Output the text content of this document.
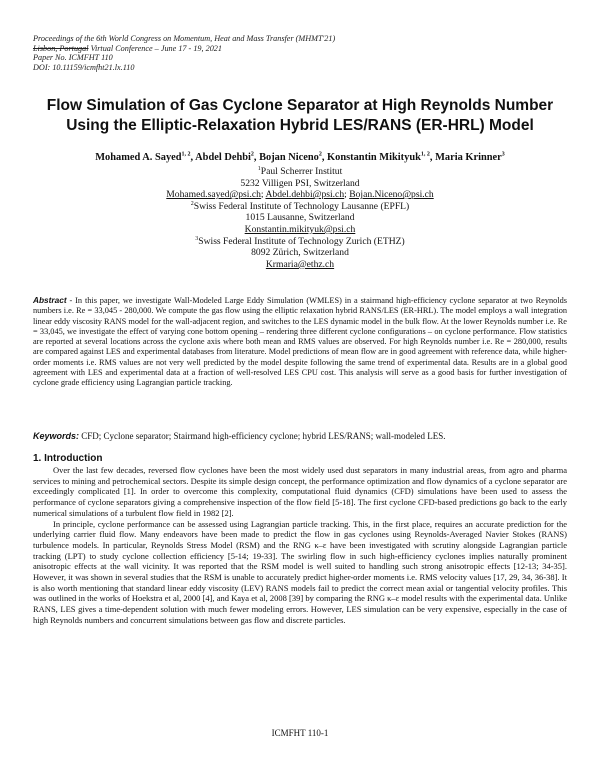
Proceedings of the 6th World Congress on Momentum, Heat and Mass Transfer (MHMT'21)
Lisbon, Portugal Virtual Conference – June 17 - 19, 2021
Paper No. ICMFHT 110
DOI: 10.11159/icmfht21.lx.110
Flow Simulation of Gas Cyclone Separator at High Reynolds Number
Using the Elliptic-Relaxation Hybrid LES/RANS (ER-HRL) Model
Mohamed A. Sayed$^{1, 2}$, Abdel Dehbi$^2$, Bojan Niceno$^2$, Konstantin Mikityuk$^{1, 2}$, Maria Krinner$^3$
$^1$Paul Scherrer Institut
5232 Villigen PSI, Switzerland
Mohamed.sayed@psi.ch; Abdel.dehbi@psi.ch; Bojan.Niceno@psi.ch
$^2$Swiss Federal Institute of Technology Lausanne (EPFL)
1015 Lausanne, Switzerland
Konstantin.mikityuk@psi.ch
$^3$Swiss Federal Institute of Technology Zurich (ETHZ)
8092 Zürich, Switzerland
Krmaria@ethz.ch
Abstract - In this paper, we investigate Wall-Modeled Large Eddy Simulation (WMLES) in a stairmand high-efficiency cyclone separator at two Reynolds numbers i.e. Re = 33,045 - 280,000. We compute the gas flow using the elliptic relaxation hybrid RANS/LES (ER-HRL). The model employs a wall integration linear eddy viscosity RANS model for the wall-adjacent region, and switches to the LES dynamic model in the bulk flow. At the lower Reynolds number i.e. Re = 33,045, we investigate the effect of varying cone bottom opening – rendering three different cyclone configurations – on cyclone performance. Flow statistics are reported at several locations across the cyclone axis where both mean and RMS values are observed. For high Reynolds number i.e. Re = 280,000, results are compared against LES and experimental databases from literature. Model predictions of mean flow are in good agreement with reference data, while higher-order moments i.e. RMS values are not very well predicted by the model despite following the same trend of experimental data. Results are in a global good agreement with LES and experimental data at a fraction of well-resolved LES CPU cost. This analysis will serve as a good basis for further investigation of cyclone grade efficiency using Lagrangian particle tracking.
Keywords: CFD; Cyclone separator; Stairmand high-efficiency cyclone; hybrid LES/RANS; wall-modeled LES.
1. Introduction

Over the last few decades, reversed flow cyclones have been the most widely used dust separators in many industrial areas, from agro and pharma services to mining and petrochemical sectors. Despite its simple design concept, the performance optimization and flow dynamics of a cyclone separator are exceedingly complicated [1]. In order to overcome this complexity, computational fluid dynamics (CFD) simulations have been used to assess the performance of cyclone separators giving a comprehensive inspection of the flow field [5-18]. The first cyclone CFD-based predictions go back to the early numerical simulations of a turbulent flow field in 1982 [2].

In principle, cyclone performance can be assessed using Lagrangian particle tracking. This, in the first place, requires an accurate prediction for the underlying carrier fluid flow. Many endeavors have been made to predict the flow in gas cyclones using Reynolds-Averaged Navier Stokes (RANS) turbulence models. In particular, Reynolds Stress Model (RSM) and the RNG κ–ε have been investigated with scrutiny alongside Lagrangian particle tracking (LPT) to study cyclone collection efficiency [5-14; 19-33]. The swirling flow in such high-efficiency cyclones implies naturally prominent anisotropic effects at the wall vicinity. It was reported that the RSM model is well suited to handling such strong anisotropic effects [12-13; 34-35]. However, it was shown in several studies that the RSM is unable to accurately predict higher-order moments i.e. RMS velocity values [17, 29, 34, 36-38]. It is also worth mentioning that standard linear eddy viscosity (LEV) RANS models fail to predict the correct mean axial or tangential velocity profiles. This was outlined in the works of Hoekstra et al, 2000 [4], and Kaya et al, 2008 [39] by comparing the RNG κ–ε model results with the experimental data. Unlike RANS, LES gives a time-dependent solution with much fewer modeling errors. However, LES simulation can be very expensive, especially in the case of high Reynolds numbers and concurrent simulations between gas flow and discrete particles.

ICMFHT 110-1
